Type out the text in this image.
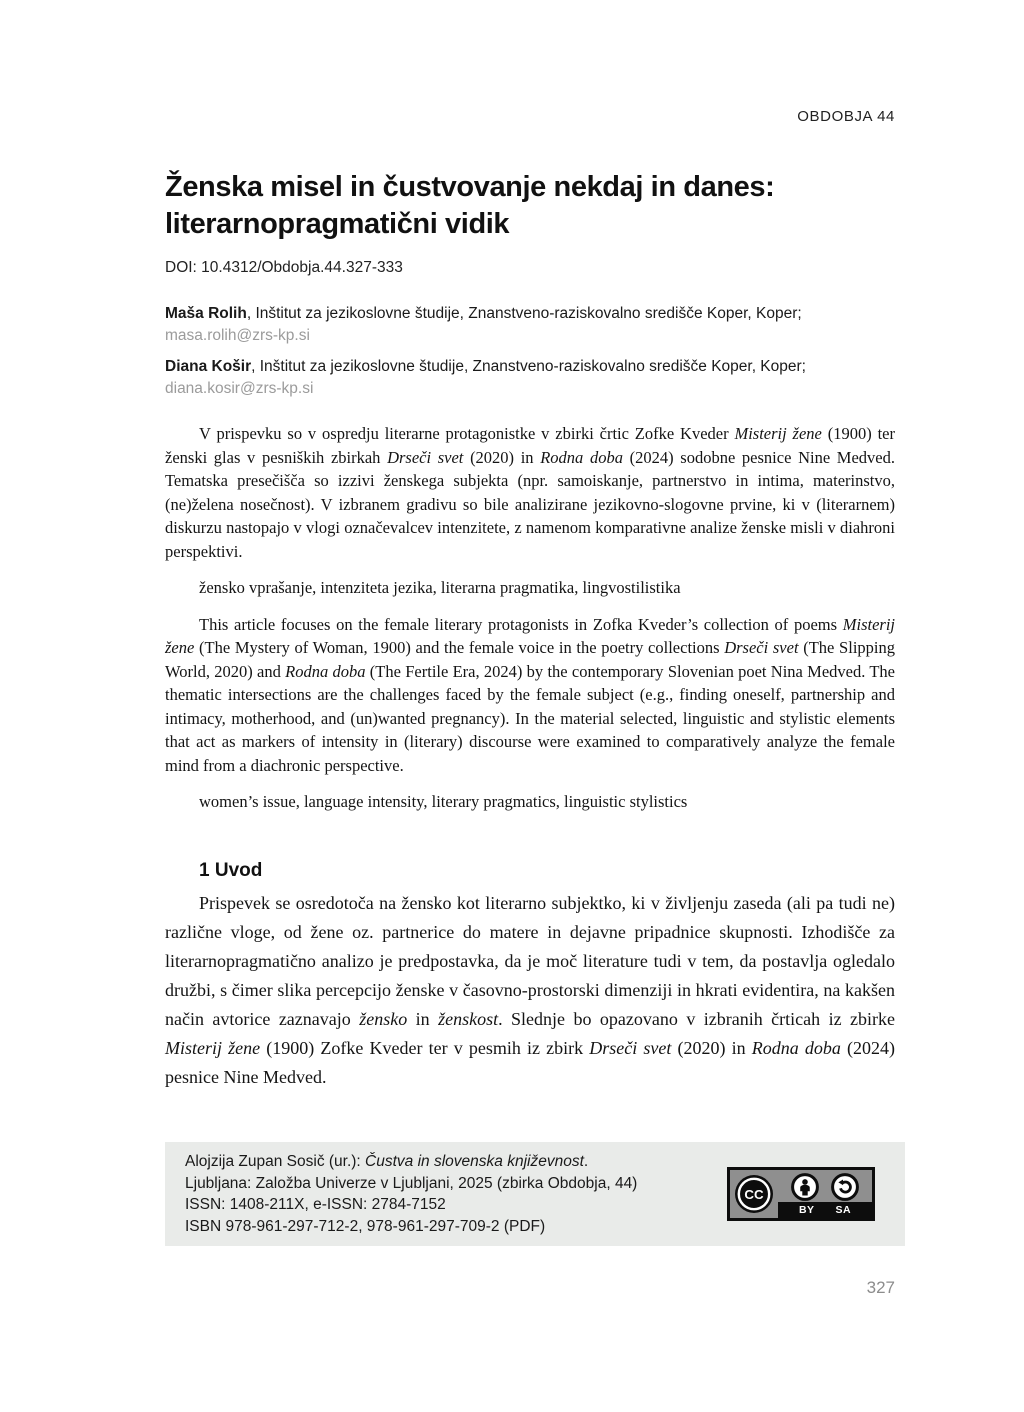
OBDOBJA 44
Ženska misel in čustvovanje nekdaj in danes:
literarnopragmatični vidik
DOI: 10.4312/Obdobja.44.327-333
Maša Rolih, Inštitut za jezikoslovne študije, Znanstveno-raziskovalno središče Koper, Koper;
masa.rolih@zrs-kp.si
Diana Košir, Inštitut za jezikoslovne študije, Znanstveno-raziskovalno središče Koper, Koper;
diana.kosir@zrs-kp.si

V prispevku so v ospredju literarne protagonistke v zbirki črtic Zofke Kveder Misterij žene (1900) ter ženski glas v pesniških zbirkah Drseči svet (2020) in Rodna doba (2024) sodobne pesnice Nine Medved. Tematska presečišča so izzivi ženskega subjekta (npr. samoiskanje, partnerstvo in intima, materinstvo, (ne)želena nosečnost). V izbranem gradivu so bile analizirane jezikovno-slogovne prvine, ki v (literarnem) diskurzu nastopajo v vlogi označevalcev intenzitete, z namenom komparativne analize ženske misli v diahroni perspektivi.

žensko vprašanje, intenziteta jezika, literarna pragmatika, lingvostilistika

This article focuses on the female literary protagonists in Zofka Kveder’s collection of poems Misterij žene (The Mystery of Woman, 1900) and the female voice in the poetry collections Drseči svet (The Slipping World, 2020) and Rodna doba (The Fertile Era, 2024) by the contemporary Slovenian poet Nina Medved. The thematic intersections are the challenges faced by the female subject (e.g., finding oneself, partnership and intimacy, motherhood, and (un)wanted pregnancy). In the material selected, linguistic and stylistic elements that act as markers of intensity in (literary) discourse were examined to comparatively analyze the female mind from a diachronic perspective.

women’s issue, language intensity, literary pragmatics, linguistic stylistics
1 Uvod

Prispevek se osredotoča na žensko kot literarno subjektko, ki v življenju zaseda (ali pa tudi ne) različne vloge, od žene oz. partnerice do matere in dejavne pripadnice skupnosti. Izhodišče za literarnopragmatično analizo je predpostavka, da je moč literature tudi v tem, da postavlja ogledalo družbi, s čimer slika percepcijo ženske v časovno-prostorski dimenziji in hkrati evidentira, na kakšen način avtorice zaznavajo žensko in ženskost. Slednje bo opazovano v izbranih črticah iz zbirke Misterij žene (1900) Zofke Kveder ter v pesmih iz zbirk Drseči svet (2020) in Rodna doba (2024) pesnice Nine Medved.

Alojzija Zupan Sosič (ur.): Čustva in slovenska književnost.
Ljubljana: Založba Univerze v Ljubljani, 2025 (zbirka Obdobja, 44)
ISSN: 1408-211X, e-ISSN: 2784-7152
ISBN 978-961-297-712-2, 978-961-297-709-2 (PDF)
CC
BY SA
327
